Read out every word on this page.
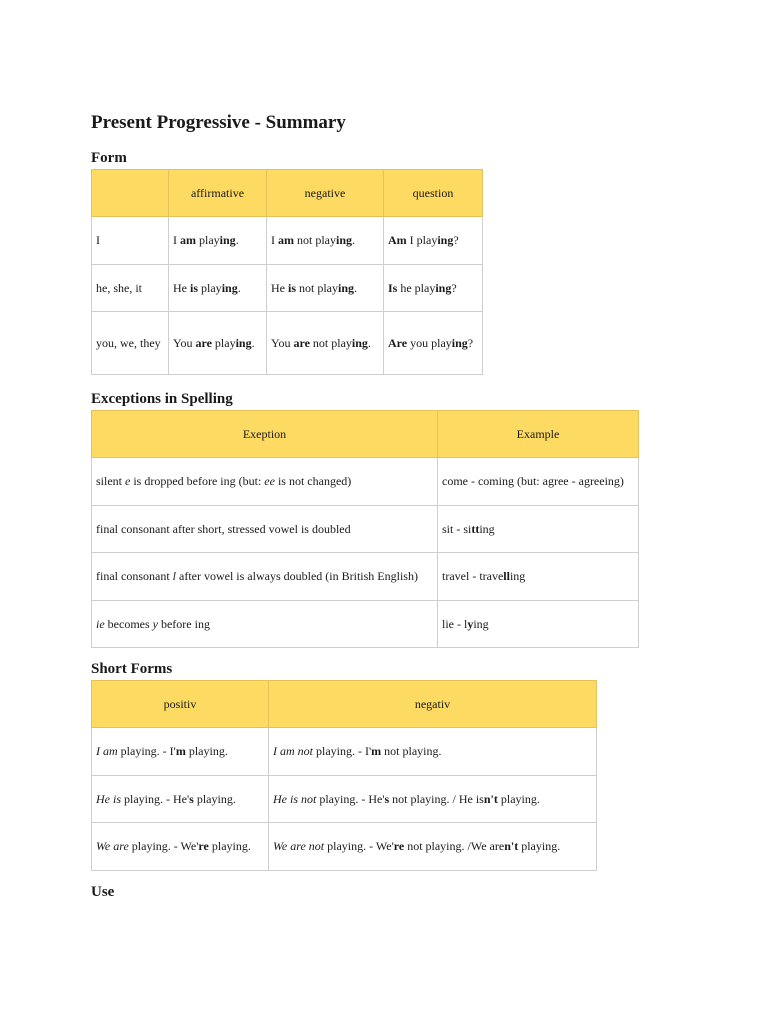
Present Progressive - Summary
Form
	affirmative	negative	question
I	I am playing.	I am not playing.	Am I playing?
he, she, it	He is playing.	He is not playing.	Is he playing?
you, we, they	You are playing.	You are not playing.	Are you playing?
Exceptions in Spelling
Exeption	Example
silent e is dropped before ing (but: ee is not changed)	come - coming (but: agree - agreeing)
final consonant after short, stressed vowel is doubled	sit - sitting
final consonant l after vowel is always doubled (in British English)	travel - travelling
ie becomes y before ing	lie - lying
Short Forms
positiv	negativ
I am playing. - I'm playing.	I am not playing. - I'm not playing.
He is playing. - He's playing.	He is not playing. - He's not playing. / He isn't playing.
We are playing. - We're playing.	We are not playing. - We're not playing. /We aren't playing.
Use
